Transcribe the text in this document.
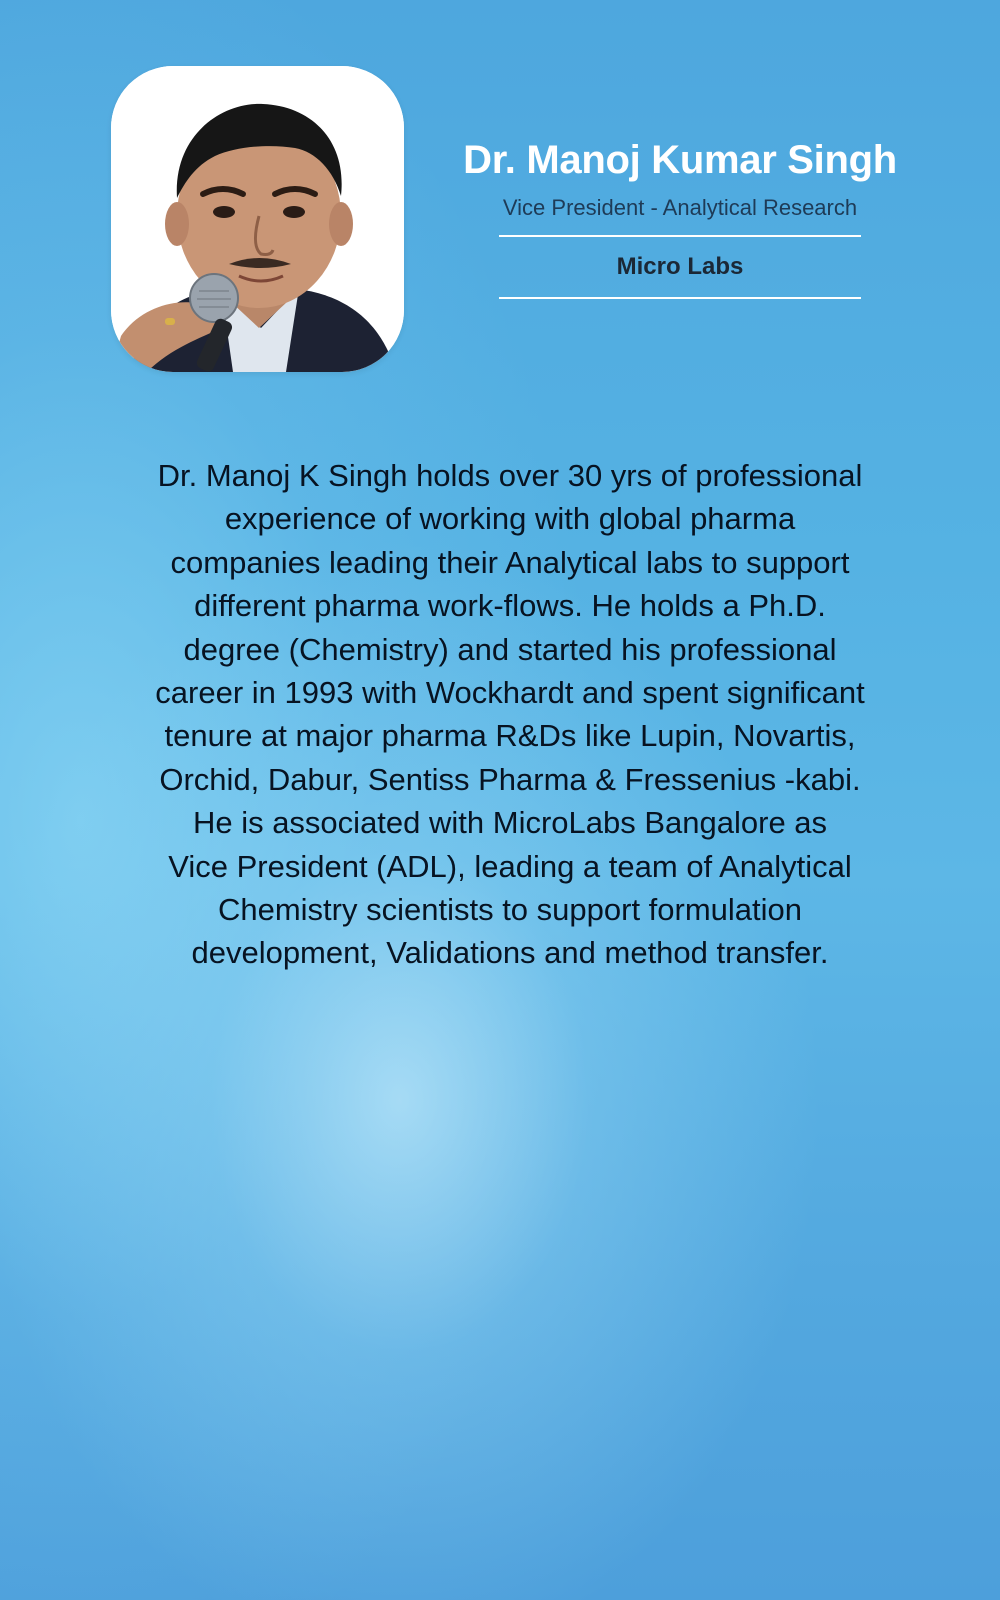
Dr. Manoj Kumar Singh
Vice President - Analytical Research
Micro Labs
Dr. Manoj K Singh holds over 30 yrs of professional
experience of working with global pharma
companies leading their Analytical labs to support
different pharma work-flows. He holds a Ph.D.
degree (Chemistry) and started his professional
career in 1993 with Wockhardt and spent significant
tenure at major pharma R&Ds like Lupin, Novartis,
Orchid, Dabur, Sentiss Pharma & Fressenius -kabi.
He is associated with MicroLabs Bangalore as
Vice President (ADL), leading a team of Analytical
Chemistry scientists to support formulation
development, Validations and method transfer.
